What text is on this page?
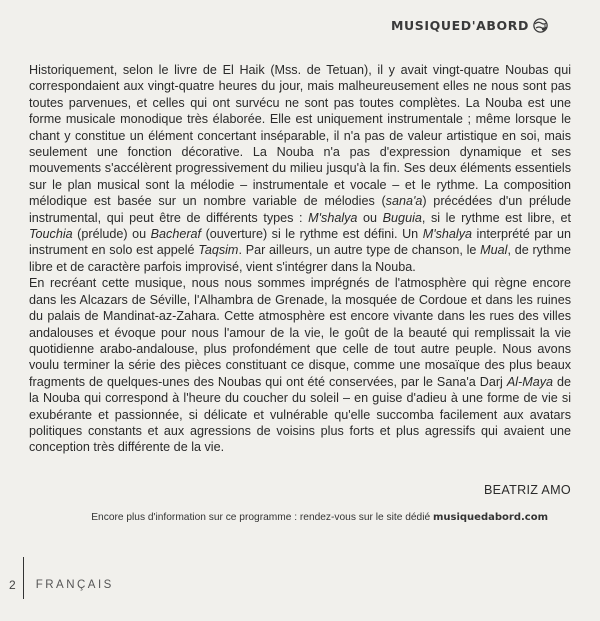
MUSIQUED'ABORD

Historiquement, selon le livre de El Haik (Mss. de Tetuan), il y avait vingt-quatre Noubas qui correspondaient aux vingt-quatre heures du jour, mais malheureusement elles ne nous sont pas toutes parvenues, et celles qui ont survécu ne sont pas toutes complètes. La Nouba est une forme musicale monodique très élaborée. Elle est uniquement instrumentale ; même lorsque le chant y constitue un élément concertant inséparable, il n'a pas de valeur artistique en soi, mais seulement une fonction décorative. La Nouba n'a pas d'expression dynamique et ses mouvements s'accélèrent progressivement du milieu jusqu'à la fin. Ses deux éléments essentiels sur le plan musical sont la mélodie – instrumentale et vocale – et le rythme. La composition mélodique est basée sur un nombre variable de mélodies (sana'a) précédées d'un prélude instrumental, qui peut être de différents types : M'shalya ou Buguia, si le rythme est libre, et Touchia (prélude) ou Bacheraf (ouverture) si le rythme est défini. Un M'shalya interprété par un instrument en solo est appelé Taqsim. Par ailleurs, un autre type de chanson, le Mual, de rythme libre et de caractère parfois improvisé, vient s'intégrer dans la Nouba.

En recréant cette musique, nous nous sommes imprégnés de l'atmosphère qui règne encore dans les Alcazars de Séville, l'Alhambra de Grenade, la mosquée de Cordoue et dans les ruines du palais de Mandinat-az-Zahara. Cette atmosphère est encore vivante dans les rues des villes andalouses et évoque pour nous l'amour de la vie, le goût de la beauté qui remplissait la vie quotidienne arabo-andalouse, plus profondément que celle de tout autre peuple. Nous avons voulu terminer la série des pièces constituant ce disque, comme une mosaïque des plus beaux fragments de quelques-unes des Noubas qui ont été conservées, par le Sana'a Darj Al-Maya de la Nouba qui correspond à l'heure du coucher du soleil – en guise d'adieu à une forme de vie si exubérante et passionnée, si délicate et vulnérable qu'elle succomba facilement aux avatars politiques constants et aux agressions de voisins plus forts et plus agressifs qui avaient une conception très différente de la vie.

BEATRIZ AMO
Encore plus d'information sur ce programme : rendez-vous sur le site dédié musiquedabord.com
2 FRANÇAIS
